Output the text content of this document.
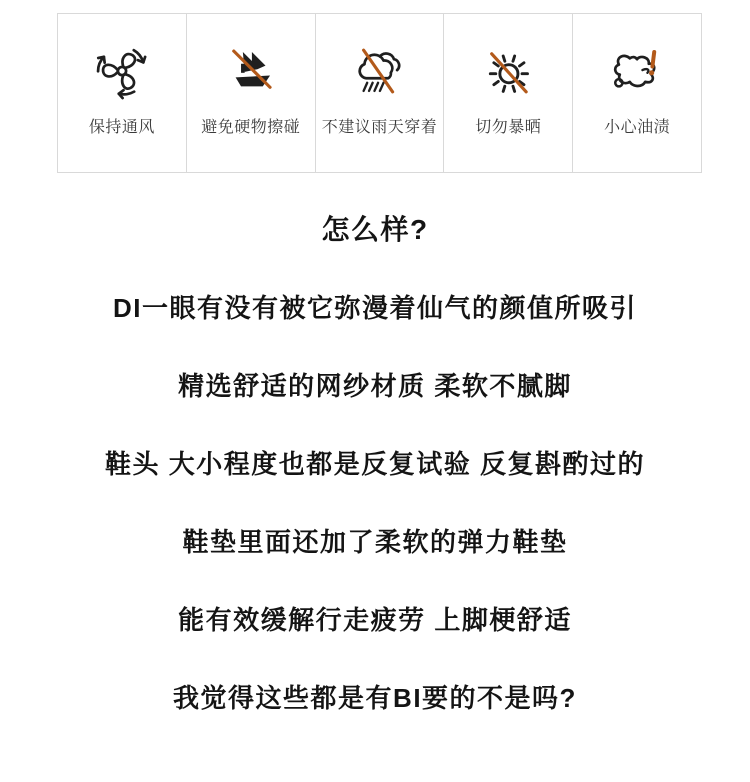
保持通风	避免硬物擦碰 不建议雨天穿着 切勿暴晒	小心油渍

怎么样?

DI一眼有没有被它弥漫着仙气的颜值所吸引

精选舒适的网纱材质 柔软不腻脚

鞋头 大小程度也都是反复试验 反复斟酌过的

鞋垫里面还加了柔软的弹力鞋垫

能有效缓解行走疲劳 上脚梗舒适

我觉得这些都是有BI要的不是吗?
